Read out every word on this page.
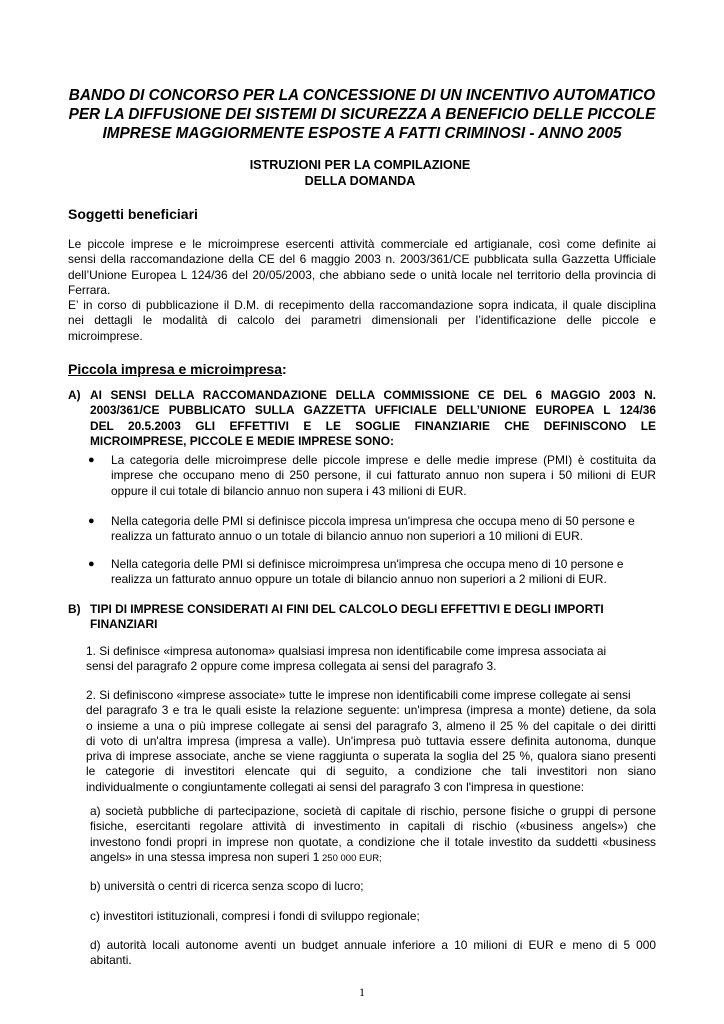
BANDO DI CONCORSO PER LA CONCESSIONE DI UN INCENTIVO AUTOMATICO
PER LA DIFFUSIONE DEI SISTEMI DI SICUREZZA A BENEFICIO DELLE PICCOLE
IMPRESE MAGGIORMENTE ESPOSTE A FATTI CRIMINOSI - ANNO 2005
ISTRUZIONI PER LA COMPILAZIONE
DELLA DOMANDA
Soggetti beneficiari
Le piccole imprese e le microimprese esercenti attività commerciale ed artigianale, così come definite ai
sensi della raccomandazione della CE del 6 maggio 2003 n. 2003/361/CE pubblicata sulla Gazzetta Ufficiale
dell’Unione Europea L 124/36 del 20/05/2003, che abbiano sede o unità locale nel territorio della provincia di
Ferrara.
E’ in corso di pubblicazione il D.M. di recepimento della raccomandazione sopra indicata, il quale disciplina
nei dettagli le modalità di calcolo dei parametri dimensionali per l’identificazione delle piccole e
microimprese.
Piccola impresa e microimpresa:
A) AI SENSI DELLA RACCOMANDAZIONE DELLA COMMISSIONE CE DEL 6 MAGGIO 2003 N.
2003/361/CE PUBBLICATO SULLA GAZZETTA UFFICIALE DELL’UNIONE EUROPEA L 124/36
DEL 20.5.2003 GLI EFFETTIVI E LE SOGLIE FINANZIARIE CHE DEFINISCONO LE
MICROIMPRESE, PICCOLE E MEDIE IMPRESE SONO:
● La categoria delle microimprese delle piccole imprese e delle medie imprese (PMI) è costituita da
imprese che occupano meno di 250 persone, il cui fatturato annuo non supera i 50 milioni di EUR
oppure il cui totale di bilancio annuo non supera i 43 milioni di EUR.
● Nella categoria delle PMI si definisce piccola impresa un'impresa che occupa meno di 50 persone e
realizza un fatturato annuo o un totale di bilancio annuo non superiori a 10 milioni di EUR.
● Nella categoria delle PMI si definisce microimpresa un'impresa che occupa meno di 10 persone e
realizza un fatturato annuo oppure un totale di bilancio annuo non superiori a 2 milioni di EUR.
B) TIPI DI IMPRESE CONSIDERATI AI FINI DEL CALCOLO DEGLI EFFETTIVI E DEGLI IMPORTI
FINANZIARI
1. Si definisce «impresa autonoma» qualsiasi impresa non identificabile come impresa associata ai
sensi del paragrafo 2 oppure come impresa collegata ai sensi del paragrafo 3.
2. Si definiscono «imprese associate» tutte le imprese non identificabili come imprese collegate ai sensi
del paragrafo 3 e tra le quali esiste la relazione seguente: un'impresa (impresa a monte) detiene, da sola
o insieme a una o più imprese collegate ai sensi del paragrafo 3, almeno il 25 % del capitale o dei diritti
di voto di un'altra impresa (impresa a valle). Un'impresa può tuttavia essere definita autonoma, dunque
priva di imprese associate, anche se viene raggiunta o superata la soglia del 25 %, qualora siano presenti
le categorie di investitori elencate qui di seguito, a condizione che tali investitori non siano
individualmente o congiuntamente collegati ai sensi del paragrafo 3 con l'impresa in questione:
a) società pubbliche di partecipazione, società di capitale di rischio, persone fisiche o gruppi di persone
fisiche, esercitanti regolare attività di investimento in capitali di rischio («business angels») che
investono fondi propri in imprese non quotate, a condizione che il totale investito da suddetti «business
angels» in una stessa impresa non superi 1 250 000 EUR;
b) università o centri di ricerca senza scopo di lucro;
c) investitori istituzionali, compresi i fondi di sviluppo regionale;
d) autorità locali autonome aventi un budget annuale inferiore a 10 milioni di EUR e meno di 5 000
abitanti.
1
